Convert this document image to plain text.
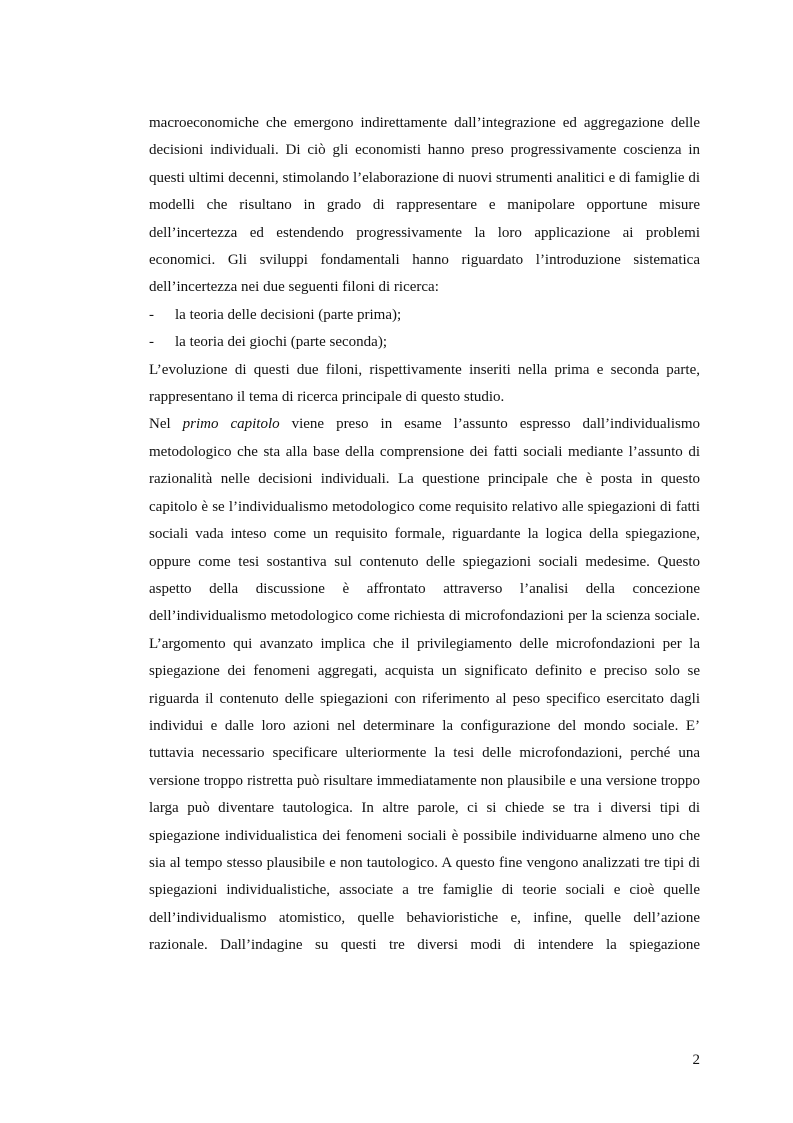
macroeconomiche che emergono indirettamente dall’integrazione ed aggregazione delle decisioni individuali. Di ciò gli economisti hanno preso progressivamente coscienza in questi ultimi decenni, stimolando l’elaborazione di nuovi strumenti analitici e di famiglie di modelli che risultano in grado di rappresentare e manipolare opportune misure dell’incertezza ed estendendo progressivamente la loro applicazione ai problemi economici. Gli sviluppi fondamentali hanno riguardato l’introduzione sistematica dell’incertezza nei due seguenti filoni di ricerca:

-	la teoria delle decisioni (parte prima);
-	la teoria dei giochi (parte seconda);

L’evoluzione di questi due filoni, rispettivamente inseriti nella prima e seconda parte, rappresentano il tema di ricerca principale di questo studio.

Nel primo capitolo viene preso in esame l’assunto espresso dall’individualismo metodologico che sta alla base della comprensione dei fatti sociali mediante l’assunto di razionalità nelle decisioni individuali. La questione principale che è posta in questo capitolo è se l’individualismo metodologico come requisito relativo alle spiegazioni di fatti sociali vada inteso come un requisito formale, riguardante la logica della spiegazione, oppure come tesi sostantiva sul contenuto delle spiegazioni sociali medesime. Questo aspetto della discussione è affrontato attraverso l’analisi della concezione dell’individualismo metodologico come richiesta di microfondazioni per la scienza sociale. L’argomento qui avanzato implica che il privilegiamento delle microfondazioni per la spiegazione dei fenomeni aggregati, acquista un significato definito e preciso solo se riguarda il contenuto delle spiegazioni con riferimento al peso specifico esercitato dagli individui e dalle loro azioni nel determinare la configurazione del mondo sociale. E’ tuttavia necessario specificare ulteriormente la tesi delle microfondazioni, perché una versione troppo ristretta può risultare immediatamente non plausibile e una versione troppo larga può diventare tautologica. In altre parole, ci si chiede se tra i diversi tipi di spiegazione individualistica dei fenomeni sociali è possibile individuarne almeno uno che sia al tempo stesso plausibile e non tautologico. A questo fine vengono analizzati tre tipi di spiegazioni individualistiche, associate a tre famiglie di teorie sociali e cioè quelle dell’individualismo atomistico, quelle behavioristiche e, infine, quelle dell’azione razionale. Dall’indagine su questi tre diversi modi di intendere la spiegazione

2
